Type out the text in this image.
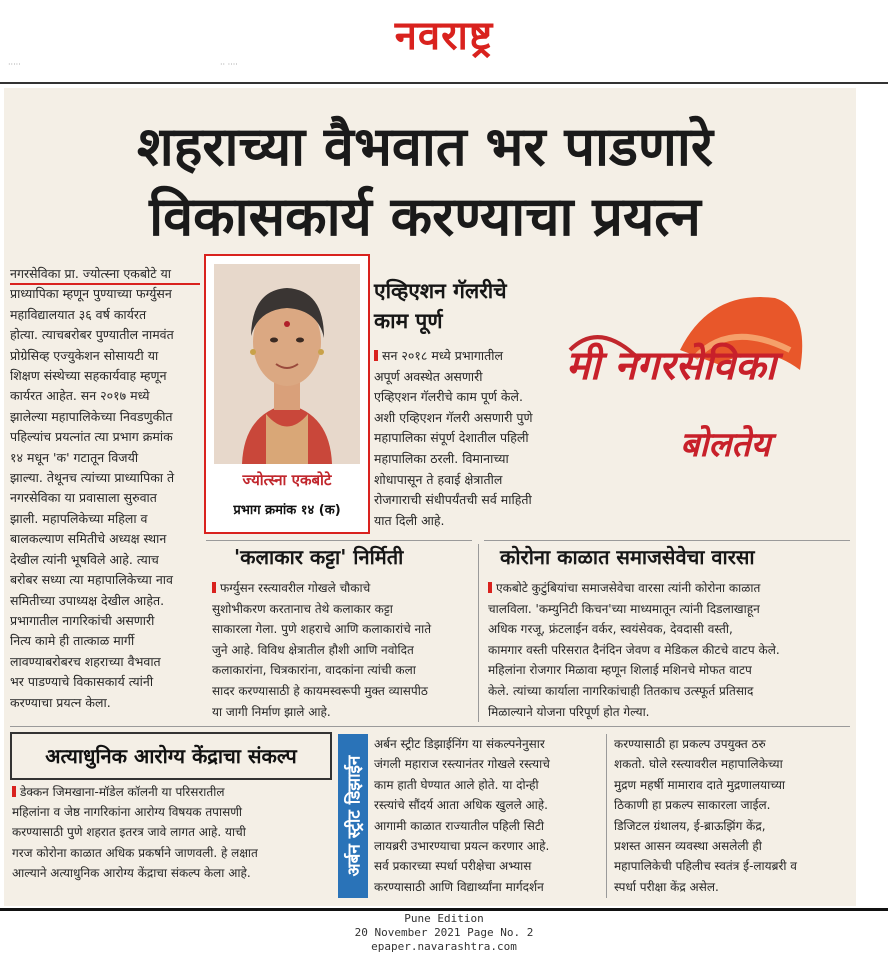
नवराष्ट्र
·····	·· ····
शहराच्या वैभवात भर पाडणारे
विकासकार्य करण्याचा प्रयत्न
नगरसेविका प्रा. ज्योत्स्ना एकबोटे या
प्राध्यापिका म्हणून पुण्याच्या फर्ग्युसन
महाविद्यालयात ३६ वर्ष कार्यरत
होत्या. त्याचबरोबर पुण्यातील नामवंत
प्रोग्रेसिव्ह एज्युकेशन सोसायटी या
शिक्षण संस्थेच्या सहकार्यवाह म्हणून
कार्यरत आहेत. सन २०१७ मध्ये
झालेल्या महापालिकेच्या निवडणुकीत
पहिल्यांच प्रयत्नांत त्या प्रभाग क्रमांक
१४ मधून 'क' गटातून विजयी
झाल्या. तेथूनच त्यांच्या प्राध्यापिका ते
नगरसेविका या प्रवासाला सुरुवात
झाली. महापलिकेच्या महिला व
बालकल्याण समितीचे अध्यक्ष स्थान
देखील त्यांनी भूषविले आहे. त्याच
बरोबर सध्या त्या महापालिकेच्या नाव
समितीच्या उपाध्यक्ष देखील आहेत.
प्रभागातील नागरिकांची असणारी
नित्य कामे ही तात्काळ मार्गी
लावण्याबरोबरच शहराच्या वैभवात
भर पाडण्याचे विकासकार्य त्यांनी
करण्याचा प्रयत्न केला.
ज्योत्स्ना एकबोटे
प्रभाग क्रमांक १४ (क)
एव्हिएशन गॅलरीचे
काम पूर्ण
सन २०१८ मध्ये प्रभागातील
अपूर्ण अवस्थेत असणारी
एव्हिएशन गॅलरीचे काम पूर्ण केले.
अशी एव्हिएशन गॅलरी असणारी पुणे
महापालिका संपूर्ण देशातील पहिली
महापालिका ठरली. विमानाच्या
शोधापासून ते हवाई क्षेत्रातील
रोजगाराची संधीपर्यंतची सर्व माहिती
यात दिली आहे.
मी नगरसेविका
बोलतेय
'कलाकार कट्टा' निर्मिती
फर्ग्युसन रस्त्यावरील गोखले चौकाचे
सुशोभीकरण करतानाच तेथे कलाकार कट्टा
साकारला गेला. पुणे शहराचे आणि कलाकारांचे नाते
जुने आहे. विविध क्षेत्रातील हौशी आणि नवोदित
कलाकारांना, चित्रकारांना, वादकांना त्यांची कला
सादर करण्यासाठी हे कायमस्वरूपी मुक्त व्यासपीठ
या जागी निर्माण झाले आहे.
कोरोना काळात समाजसेवेचा वारसा
एकबोटे कुटुंबियांचा समाजसेवेचा वारसा त्यांनी कोरोना काळात
चालविला. 'कम्युनिटी किचन'च्या माध्यमातून त्यांनी दिडलाखाहून
अधिक गरजू, फ्रंटलाईन वर्कर, स्वयंसेवक, देवदासी वस्ती,
कामगार वस्ती परिसरात दैनंदिन जेवण व मेडिकल कीटचे वाटप केले.
महिलांना रोजगार मिळावा म्हणून शिलाई मशिनचे मोफत वाटप
केले. त्यांच्या कार्याला नागरिकांचाही तितकाच उत्स्फूर्त प्रतिसाद
मिळाल्याने योजना परिपूर्ण होत गेल्या.
अत्याधुनिक आरोग्य केंद्राचा संकल्प
डेक्कन जिमखाना-मॉडेल कॉलनी या परिसरातील
महिलांना व जेष्ठ नागरिकांना आरोग्य विषयक तपासणी
करण्यासाठी पुणे शहरात इतरत्र जावे लागत आहे. याची
गरज कोरोना काळात अधिक प्रकर्षाने जाणवली. हे लक्षात
आल्याने अत्याधुनिक आरोग्य केंद्राचा संकल्प केला आहे.	अर्बन स्ट्रीट डिझाईन
अर्बन स्ट्रीट डिझाईनिंग या संकल्पनेनुसार
जंगली महाराज रस्त्यानंतर गोखले रस्त्याचे
काम हाती घेण्यात आले होते. या दोन्ही
रस्त्यांचे सौंदर्य आता अधिक खुलले आहे.
आगामी काळात राज्यातील पहिली सिटी
लायब्ररी उभारण्याचा प्रयत्न करणार आहे.
सर्व प्रकारच्या स्पर्धा परीक्षेचा अभ्यास
करण्यासाठी आणि विद्यार्थ्यांना मार्गदर्शन
करण्यासाठी हा प्रकल्प उपयुक्त ठरु
शकतो. घोले रस्त्यावरील महापालिकेच्या
मुद्रण महर्षी मामाराव दाते मुद्रणालयाच्या
ठिकाणी हा प्रकल्प साकारला जाईल.
डिजिटल ग्रंथालय, ई-ब्राऊझिंग केंद्र,
प्रशस्त आसन व्यवस्था असलेली ही
महापालिकेची पहिलीच स्वतंत्र ई-लायब्ररी व
स्पर्धा परीक्षा केंद्र असेल.
Pune Edition
20 November 2021 Page No. 2
epaper.navarashtra.com
